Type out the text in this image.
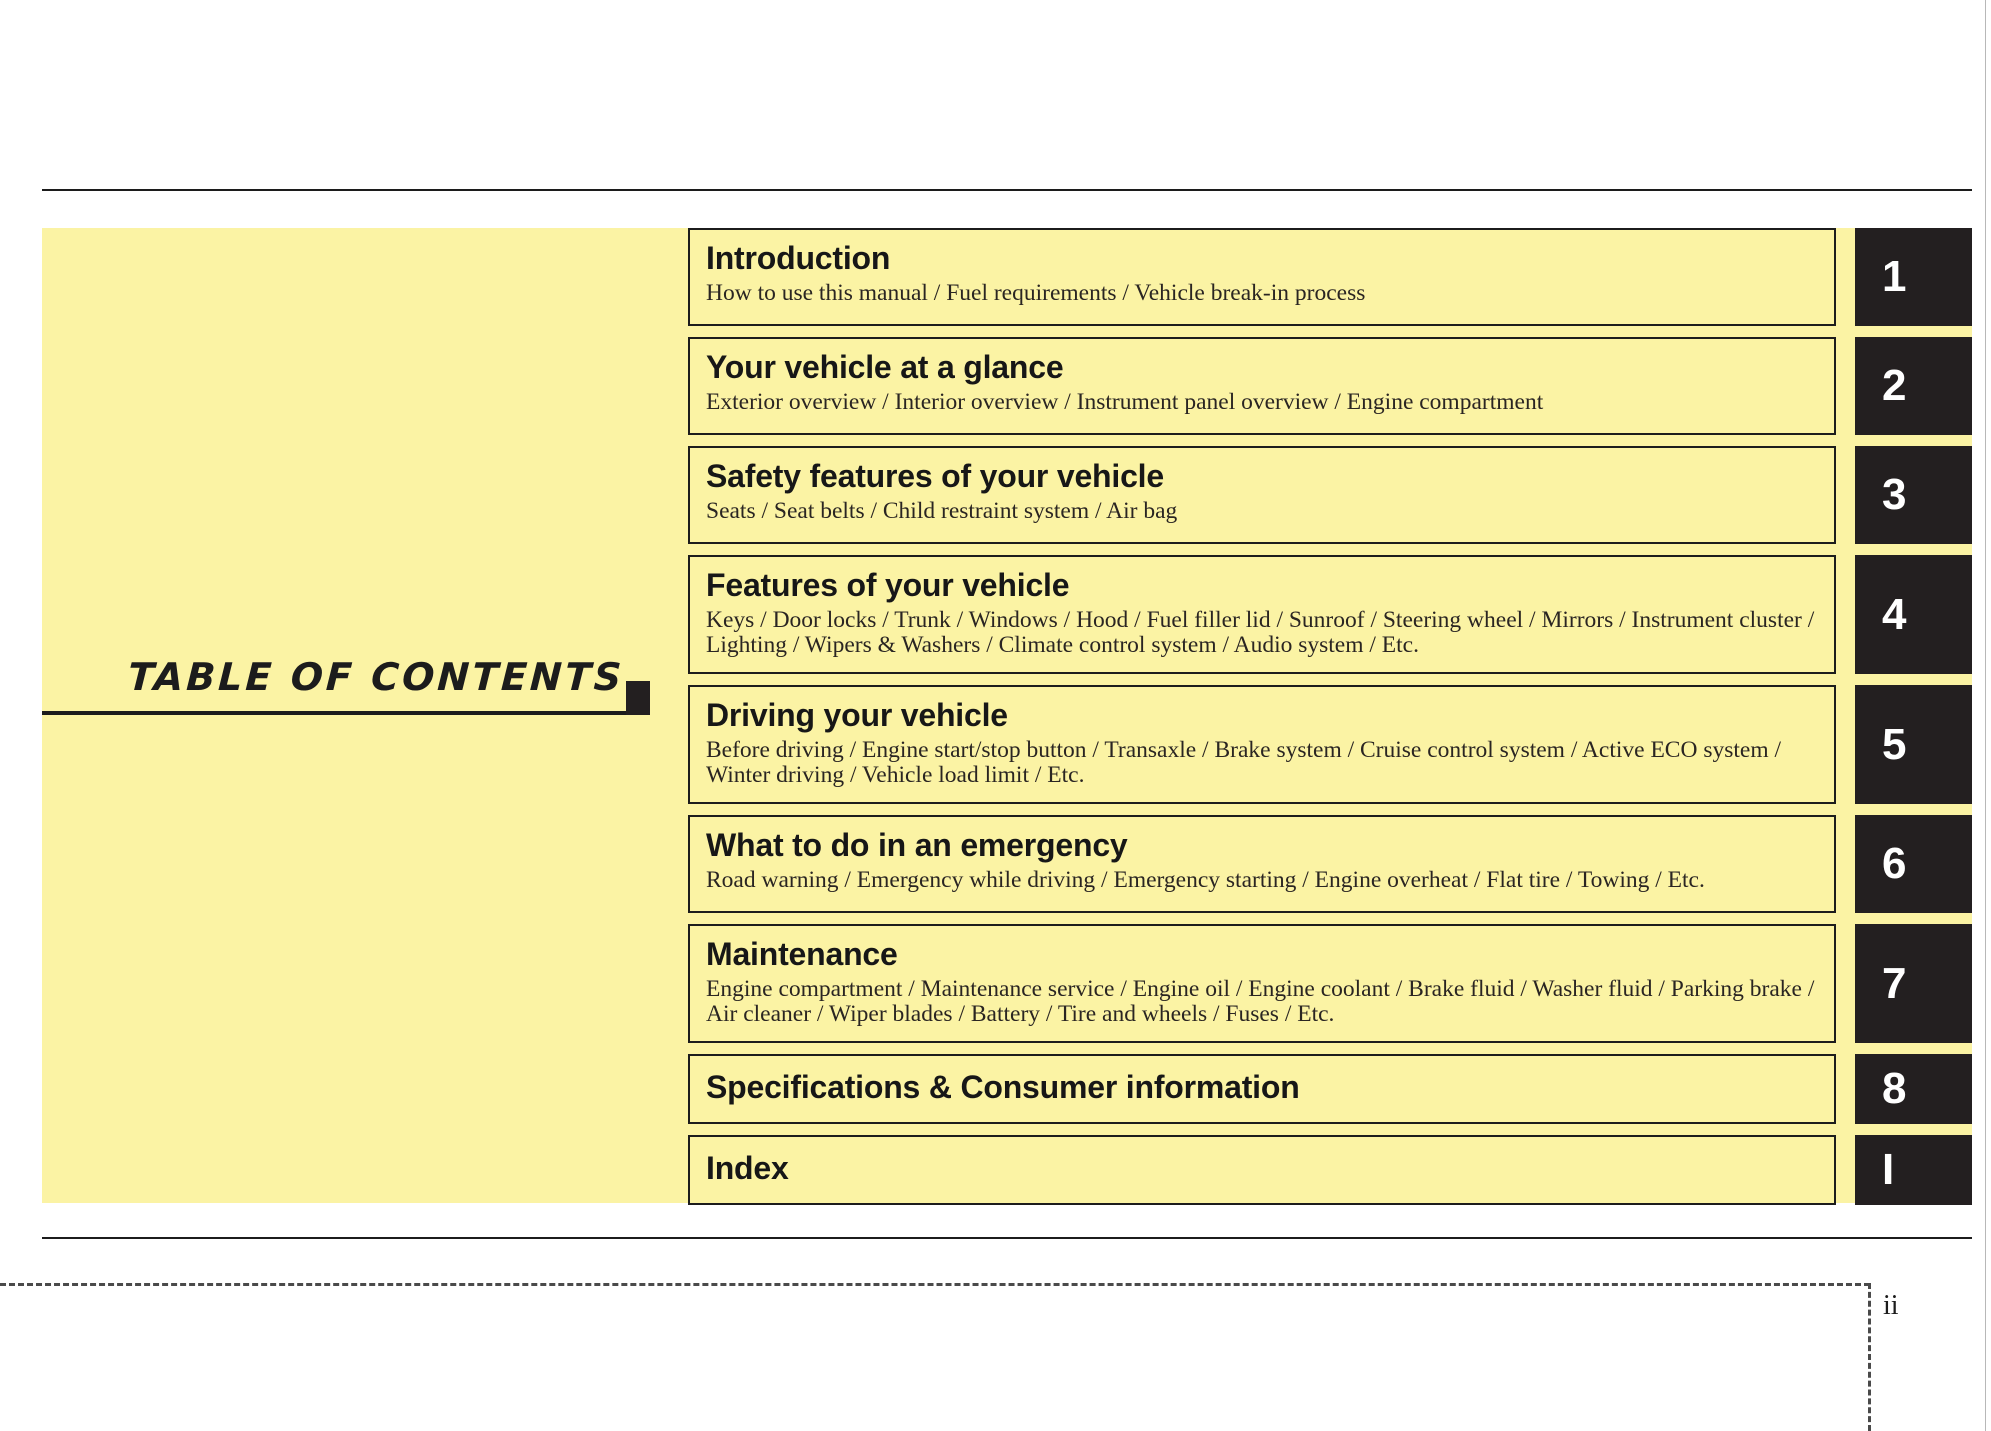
TABLE OF CONTENTS
Introduction
How to use this manual / Fuel requirements / Vehicle break-in process
Your vehicle at a glance
Exterior overview / Interior overview / Instrument panel overview / Engine compartment
Safety features of your vehicle
Seats / Seat belts / Child restraint system / Air bag
Features of your vehicle
Keys / Door locks / Trunk / Windows / Hood / Fuel filler lid / Sunroof / Steering wheel / Mirrors / Instrument cluster / Lighting / Wipers & Washers / Climate control system / Audio system / Etc.
Driving your vehicle
Before driving / Engine start/stop button / Transaxle / Brake system / Cruise control system / Active ECO system / Winter driving / Vehicle load limit / Etc.
What to do in an emergency
Road warning / Emergency while driving / Emergency starting / Engine overheat / Flat tire / Towing / Etc.
Maintenance
Engine compartment / Maintenance service / Engine oil / Engine coolant / Brake fluid / Washer fluid / Parking brake / Air cleaner / Wiper blades / Battery / Tire and wheels / Fuses / Etc.
Specifications & Consumer information
Index
1
2
3
4
5
6
7
8
I
ii
